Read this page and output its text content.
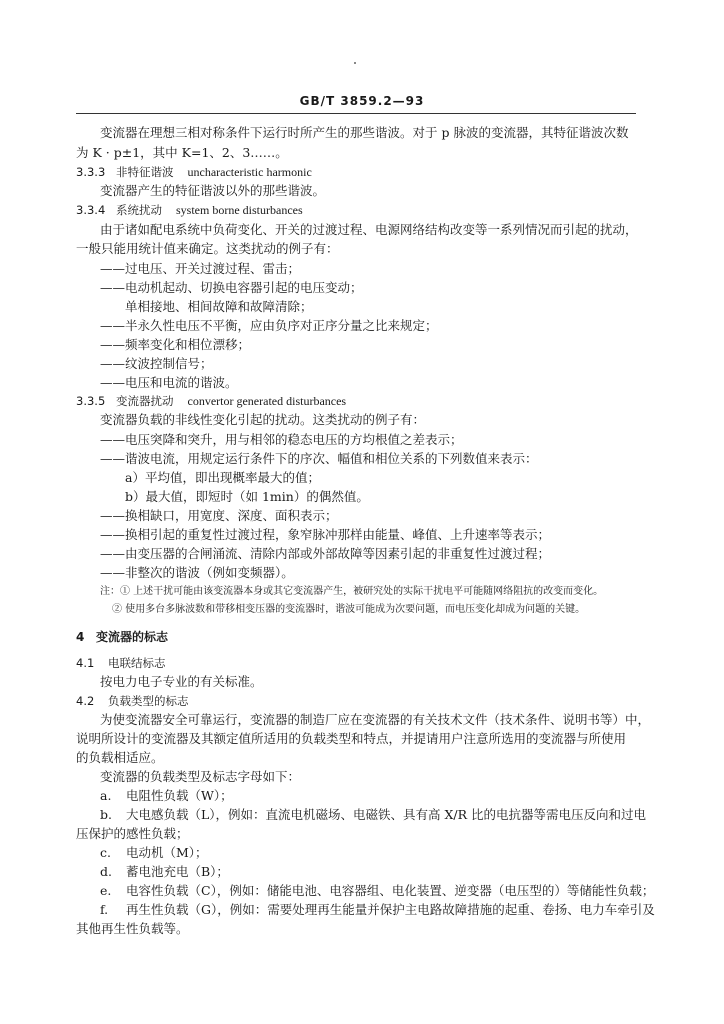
GB/T 3859.2—93
变流器在理想三相对称条件下运行时所产生的那些谐波。对于 p 脉波的变流器，其特征谐波次数
为 K · p±1，其中 K=1、2、3……。
3.3.3 非特征谐波 uncharacteristic harmonic
变流器产生的特征谐波以外的那些谐波。
3.3.4 系统扰动 system borne disturbances
由于诸如配电系统中负荷变化、开关的过渡过程、电源网络结构改变等一系列情况而引起的扰动，
一般只能用统计值来确定。这类扰动的例子有：
——过电压、开关过渡过程、雷击；
——电动机起动、切换电容器引起的电压变动；
单相接地、相间故障和故障清除；
——半永久性电压不平衡，应由负序对正序分量之比来规定；
——频率变化和相位漂移；
——纹波控制信号；
——电压和电流的谐波。
3.3.5 变流器扰动 convertor generated disturbances
变流器负载的非线性变化引起的扰动。这类扰动的例子有：
——电压突降和突升，用与相邻的稳态电压的方均根值之差表示；
——谐波电流，用规定运行条件下的序次、幅值和相位关系的下列数值来表示：
a）平均值，即出现概率最大的值；
b）最大值，即短时（如 1min）的偶然值。
——换相缺口，用宽度、深度、面积表示；
——换相引起的重复性过渡过程，象窄脉冲那样由能量、峰值、上升速率等表示；
——由变压器的合闸涌流、清除内部或外部故障等因素引起的非重复性过渡过程；
——非整次的谐波（例如变频器）。
注：① 上述干扰可能由该变流器本身或其它变流器产生，被研究处的实际干扰电平可能随网络阻抗的改变而变化。
② 使用多台多脉波数和带移相变压器的变流器时，谐波可能成为次要问题，而电压变化却成为问题的关键。
4 变流器的标志
4.1 电联结标志
按电力电子专业的有关标准。
4.2 负载类型的标志
为使变流器安全可靠运行，变流器的制造厂应在变流器的有关技术文件（技术条件、说明书等）中，
说明所设计的变流器及其额定值所适用的负载类型和特点，并提请用户注意所选用的变流器与所使用
的负载相适应。
变流器的负载类型及标志字母如下：
a. 电阻性负载（W）；
b. 大电感负载（L），例如：直流电机磁场、电磁铁、具有高 X/R 比的电抗器等需电压反向和过电
压保护的感性负载；
c. 电动机（M）；
d. 蓄电池充电（B）；
e. 电容性负载（C），例如：储能电池、电容器组、电化装置、逆变器（电压型的）等储能性负载；
f. 再生性负载（G），例如：需要处理再生能量并保护主电路故障措施的起重、卷扬、电力车牵引及
其他再生性负载等。
